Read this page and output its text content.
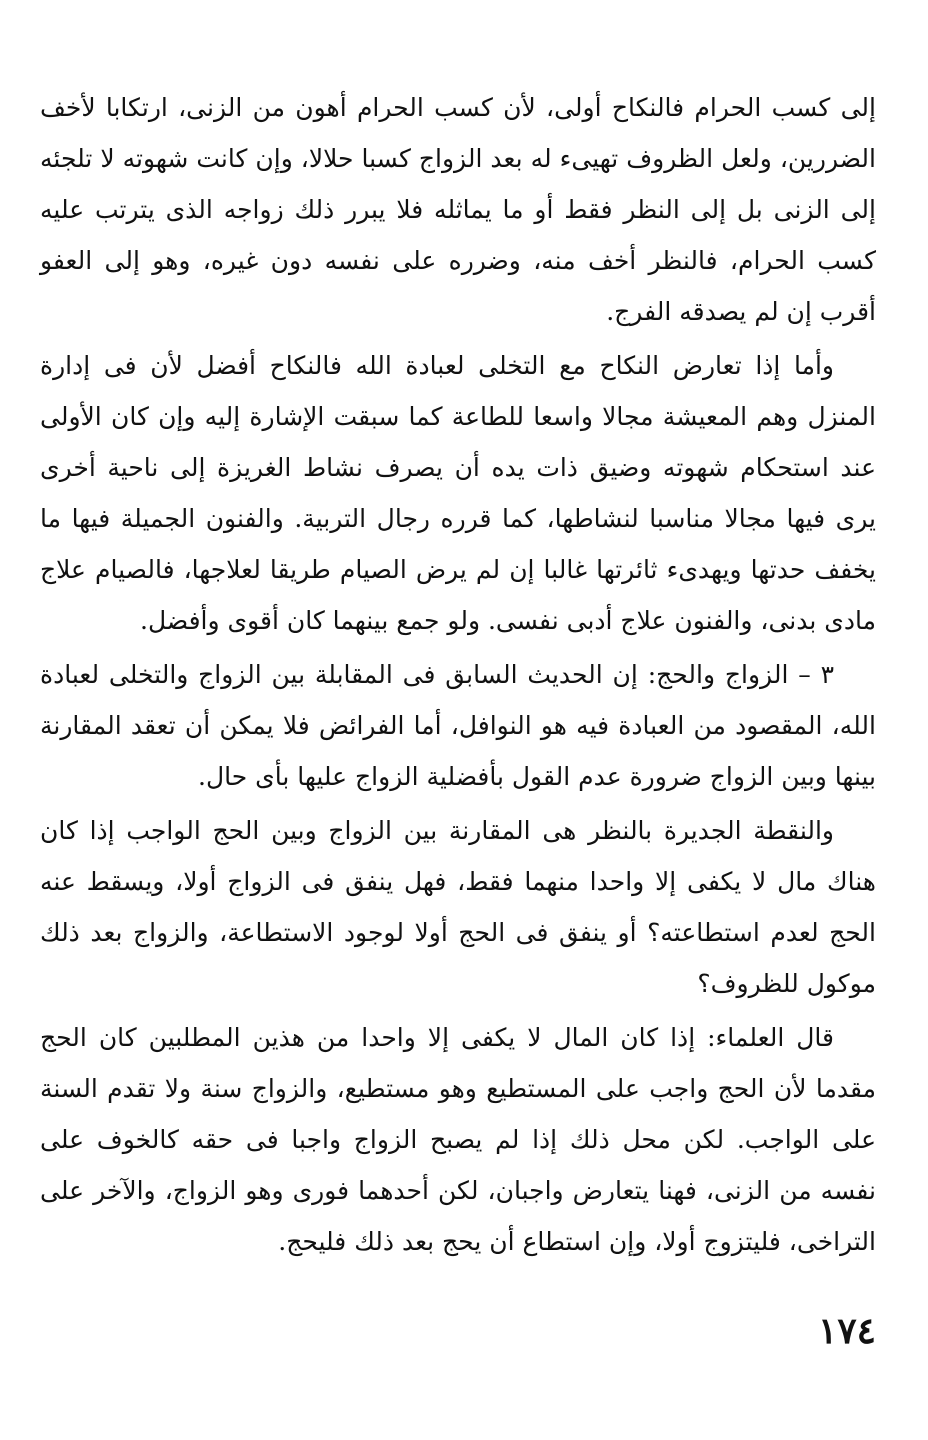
إلى كسب الحرام فالنكاح أولى، لأن كسب الحرام أهون من الزنى، ارتكابا لأخف الضررين، ولعل الظروف تهيىء له بعد الزواج كسبا حلالا، وإن كانت شهوته لا تلجئه إلى الزنى بل إلى النظر فقط أو ما يماثله فلا يبرر ذلك زواجه الذى يترتب عليه كسب الحرام، فالنظر أخف منه، وضرره على نفسه دون غيره، وهو إلى العفو أقرب إن لم يصدقه الفرج.

وأما إذا تعارض النكاح مع التخلى لعبادة الله فالنكاح أفضل لأن فى إدارة المنزل وهم المعيشة مجالا واسعا للطاعة كما سبقت الإشارة إليه وإن كان الأولى عند استحكام شهوته وضيق ذات يده أن يصرف نشاط الغريزة إلى ناحية أخرى يرى فيها مجالا مناسبا لنشاطها، كما قرره رجال التربية. والفنون الجميلة فيها ما يخفف حدتها ويهدىء ثائرتها غالبا إن لم يرض الصيام طريقا لعلاجها، فالصيام علاج مادى بدنى، والفنون علاج أدبى نفسى. ولو جمع بينهما كان أقوى وأفضل.

٣ – الزواج والحج: إن الحديث السابق فى المقابلة بين الزواج والتخلى لعبادة الله، المقصود من العبادة فيه هو النوافل، أما الفرائض فلا يمكن أن تعقد المقارنة بينها وبين الزواج ضرورة عدم القول بأفضلية الزواج عليها بأى حال.

والنقطة الجديرة بالنظر هى المقارنة بين الزواج وبين الحج الواجب إذا كان هناك مال لا يكفى إلا واحدا منهما فقط، فهل ينفق فى الزواج أولا، ويسقط عنه الحج لعدم استطاعته؟ أو ينفق فى الحج أولا لوجود الاستطاعة، والزواج بعد ذلك موكول للظروف؟

قال العلماء: إذا كان المال لا يكفى إلا واحدا من هذين المطلبين كان الحج مقدما لأن الحج واجب على المستطيع وهو مستطيع، والزواج سنة ولا تقدم السنة على الواجب. لكن محل ذلك إذا لم يصبح الزواج واجبا فى حقه كالخوف على نفسه من الزنى، فهنا يتعارض واجبان، لكن أحدهما فورى وهو الزواج، والآخر على التراخى، فليتزوج أولا، وإن استطاع أن يحج بعد ذلك فليحج.

١٧٤
